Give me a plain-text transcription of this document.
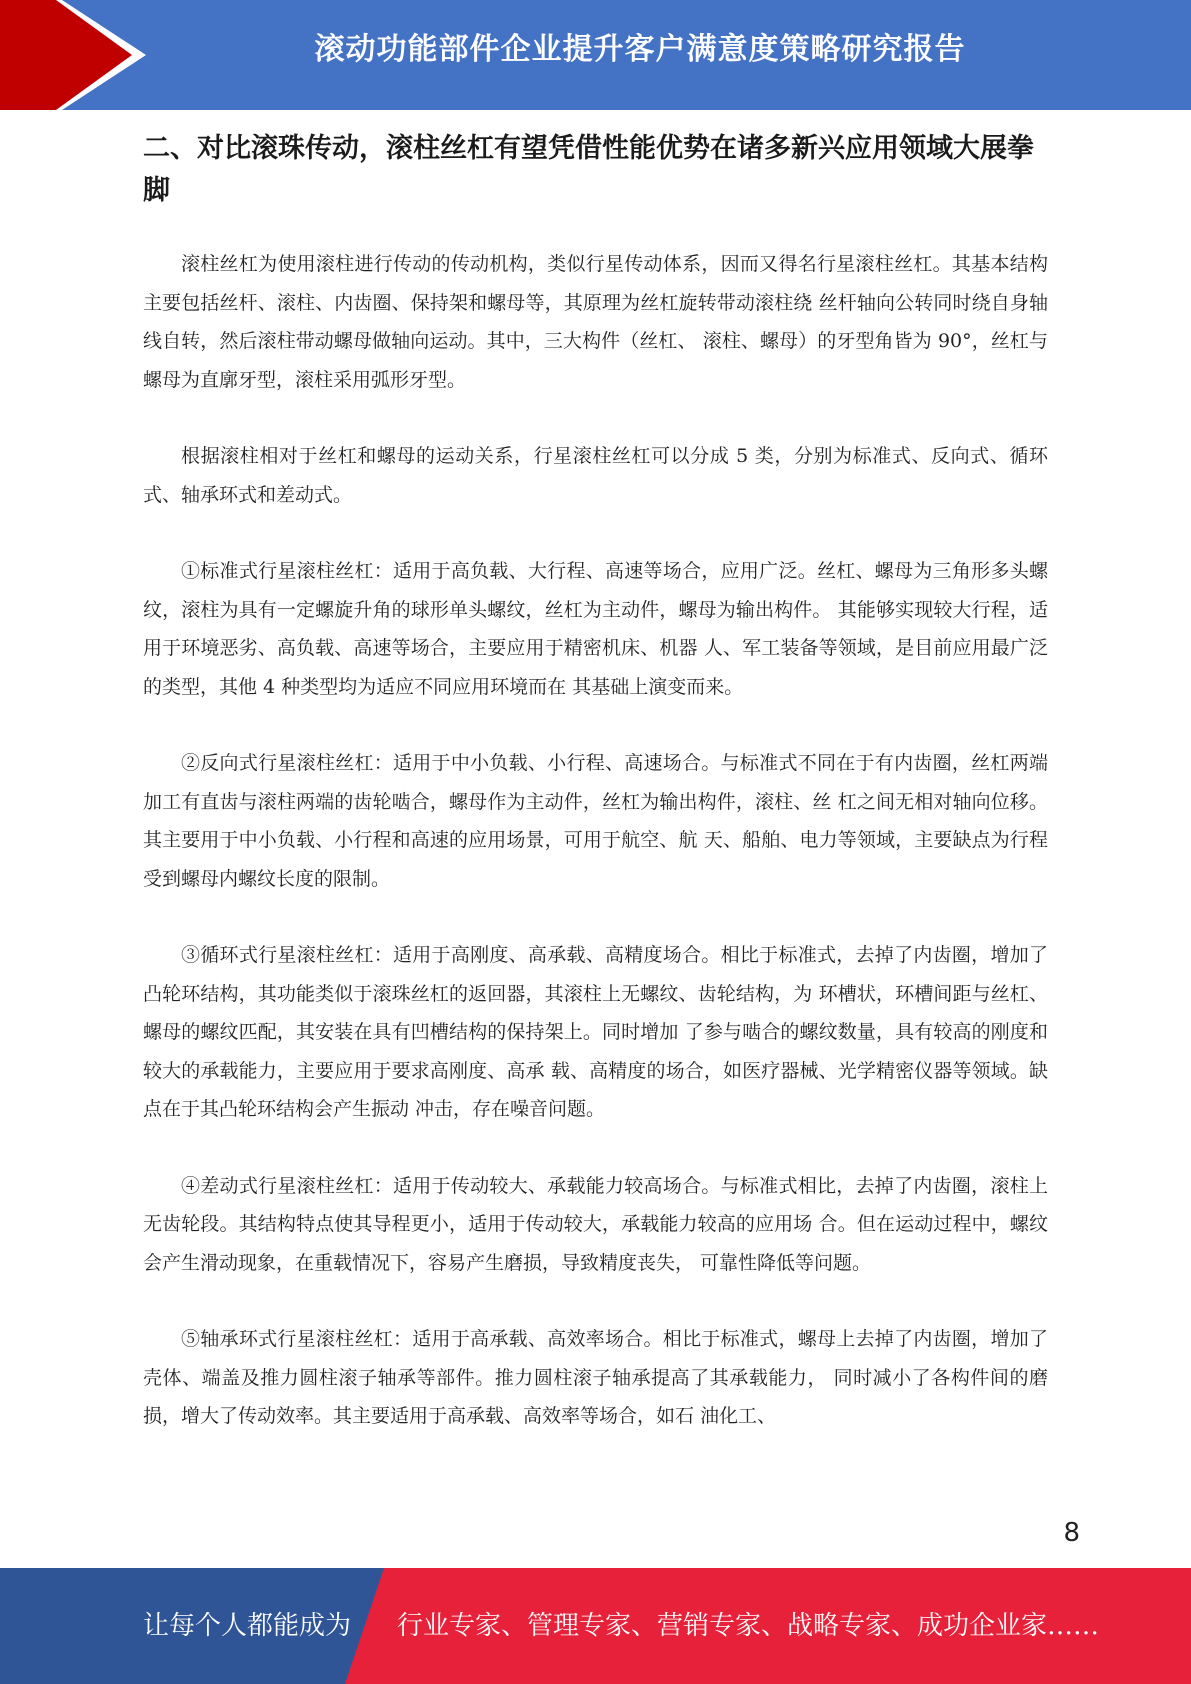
滚动功能部件企业提升客户满意度策略研究报告
二、对比滚珠传动，滚柱丝杠有望凭借性能优势在诸多新兴应用领域大展拳脚

滚柱丝杠为使用滚柱进行传动的传动机构，类似行星传动体系，因而又得名行星滚柱丝杠。其基本结构主要包括丝杆、滚柱、内齿圈、保持架和螺母等，其原理为丝杠旋转带动滚柱绕 丝杆轴向公转同时绕自身轴线自转，然后滚柱带动螺母做轴向运动。其中，三大构件（丝杠、 滚柱、螺母）的牙型角皆为 90°，丝杠与螺母为直廓牙型，滚柱采用弧形牙型。

根据滚柱相对于丝杠和螺母的运动关系，行星滚柱丝杠可以分成 5 类，分别为标准式、反向式、循环式、轴承环式和差动式。

①标准式行星滚柱丝杠：适用于高负载、大行程、高速等场合，应用广泛。丝杠、螺母为三角形多头螺纹，滚柱为具有一定螺旋升角的球形单头螺纹，丝杠为主动件，螺母为输出构件。 其能够实现较大行程，适用于环境恶劣、高负载、高速等场合，主要应用于精密机床、机器 人、军工装备等领域，是目前应用最广泛的类型，其他 4 种类型均为适应不同应用环境而在 其基础上演变而来。

②反向式行星滚柱丝杠：适用于中小负载、小行程、高速场合。与标准式不同在于有内齿圈，丝杠两端加工有直齿与滚柱两端的齿轮啮合，螺母作为主动件，丝杠为输出构件，滚柱、丝 杠之间无相对轴向位移。其主要用于中小负载、小行程和高速的应用场景，可用于航空、航 天、船舶、电力等领域，主要缺点为行程受到螺母内螺纹长度的限制。

③循环式行星滚柱丝杠：适用于高刚度、高承载、高精度场合。相比于标准式，去掉了内齿圈，增加了凸轮环结构，其功能类似于滚珠丝杠的返回器，其滚柱上无螺纹、齿轮结构，为 环槽状，环槽间距与丝杠、螺母的螺纹匹配，其安装在具有凹槽结构的保持架上。同时增加 了参与啮合的螺纹数量，具有较高的刚度和较大的承载能力，主要应用于要求高刚度、高承 载、高精度的场合，如医疗器械、光学精密仪器等领域。缺点在于其凸轮环结构会产生振动 冲击，存在噪音问题。

④差动式行星滚柱丝杠：适用于传动较大、承载能力较高场合。与标准式相比，去掉了内齿圈，滚柱上无齿轮段。其结构特点使其导程更小，适用于传动较大，承载能力较高的应用场 合。但在运动过程中，螺纹会产生滑动现象，在重载情况下，容易产生磨损，导致精度丧失， 可靠性降低等问题。

⑤轴承环式行星滚柱丝杠：适用于高承载、高效率场合。相比于标准式，螺母上去掉了内齿圈，增加了壳体、端盖及推力圆柱滚子轴承等部件。推力圆柱滚子轴承提高了其承载能力， 同时减小了各构件间的磨损，增大了传动效率。其主要适用于高承载、高效率等场合，如石 油化工、

8
让每个人都能成为 行业专家、管理专家、营销专家、战略专家、成功企业家……
